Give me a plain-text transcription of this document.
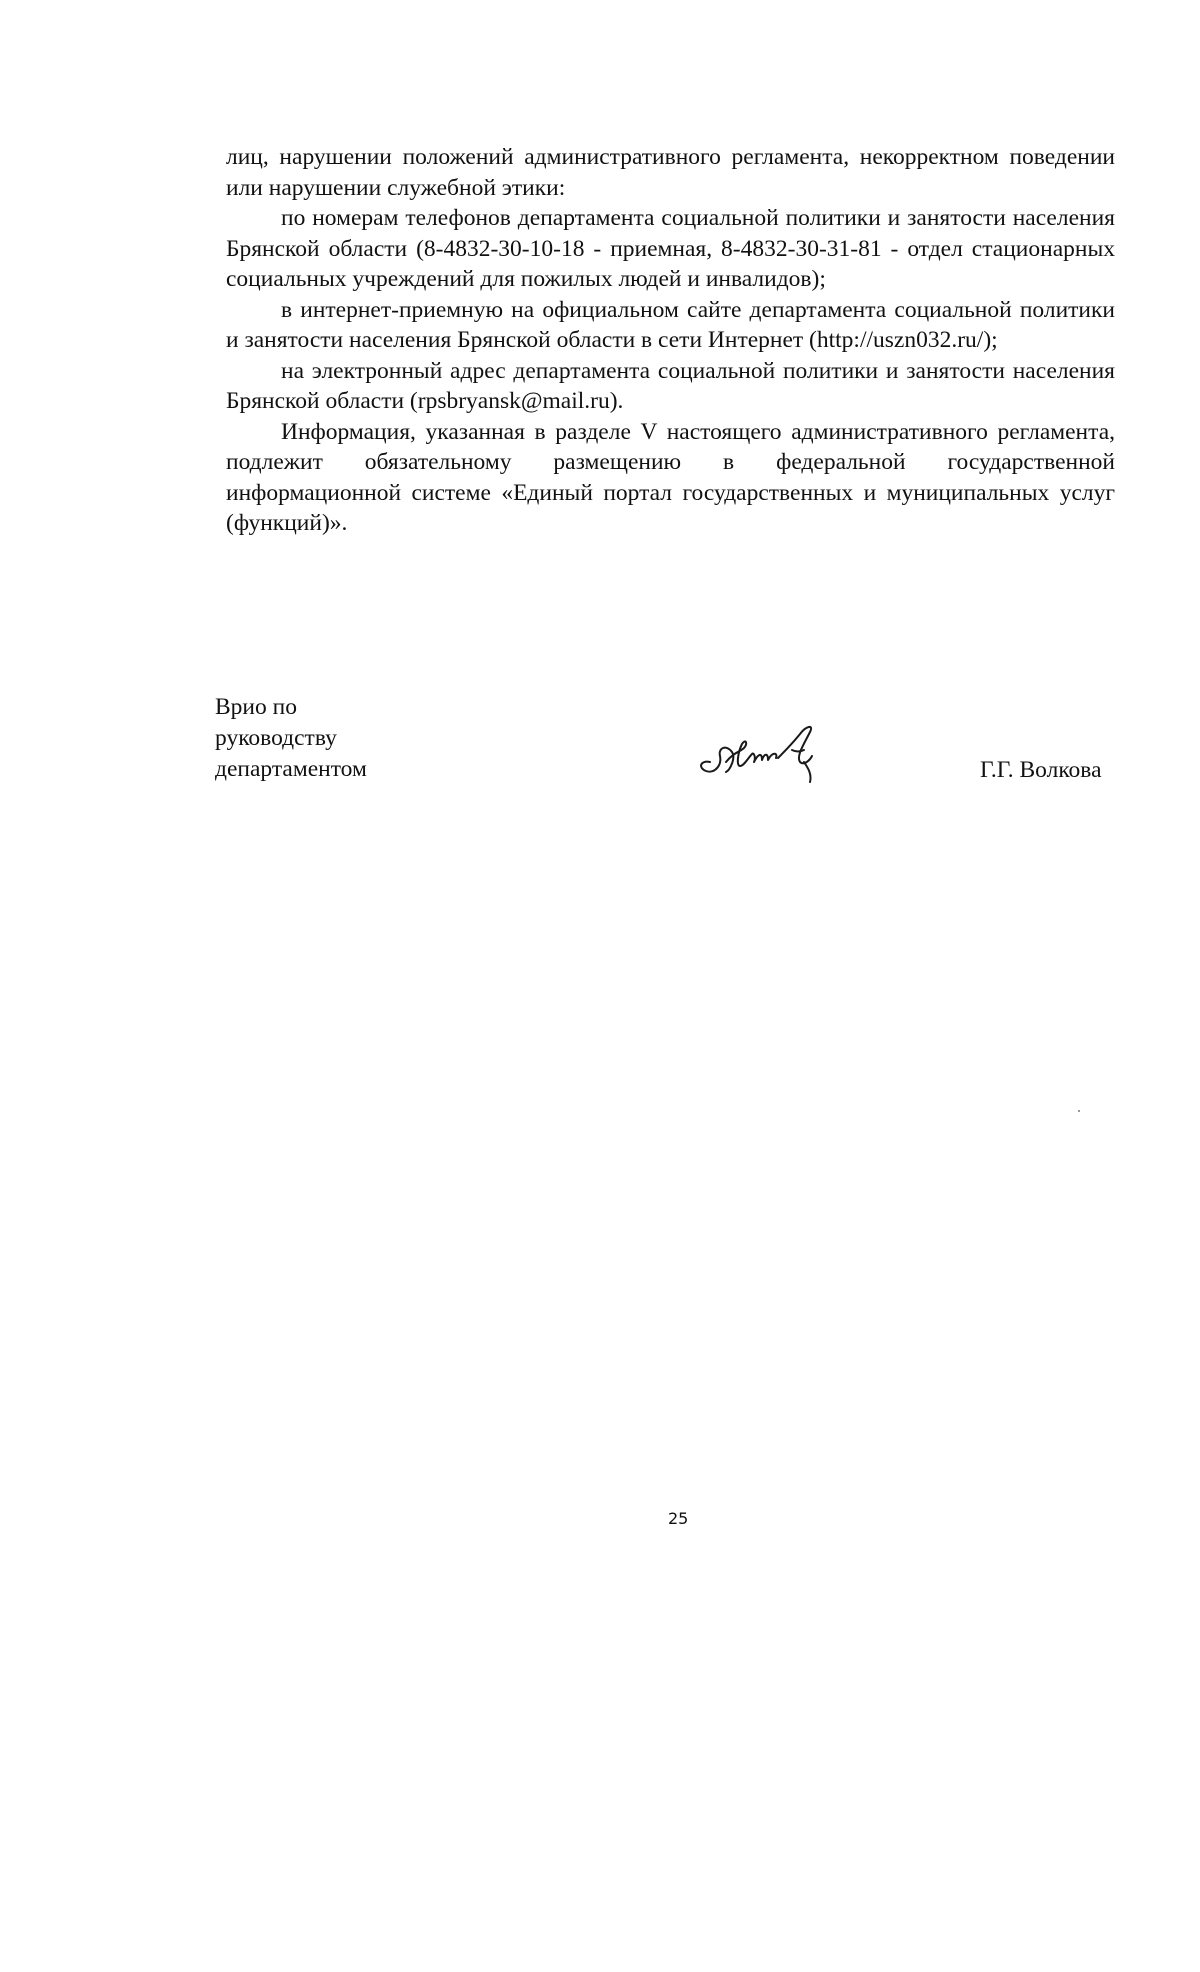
лиц, нарушении положений административного регламента, некорректном поведении или нарушении служебной этики:

по номерам телефонов департамента социальной политики и занятости населения Брянской области (8-4832-30-10-18 - приемная, 8-4832-30-31-81 - отдел стационарных социальных учреждений для пожилых людей и инвалидов);

в интернет-приемную на официальном сайте департамента социальной политики и занятости населения Брянской области в сети Интернет (http://uszn032.ru/);

на электронный адрес департамента социальной политики и занятости населения Брянской области (rpsbryansk@mail.ru).

Информация, указанная в разделе V настоящего административного регламента, подлежит обязательному размещению в федеральной государственной информационной системе «Единый портал государственных и муниципальных услуг (функций)».

Врио по
руководству
департаментом	Г.Г. Волкова
25
